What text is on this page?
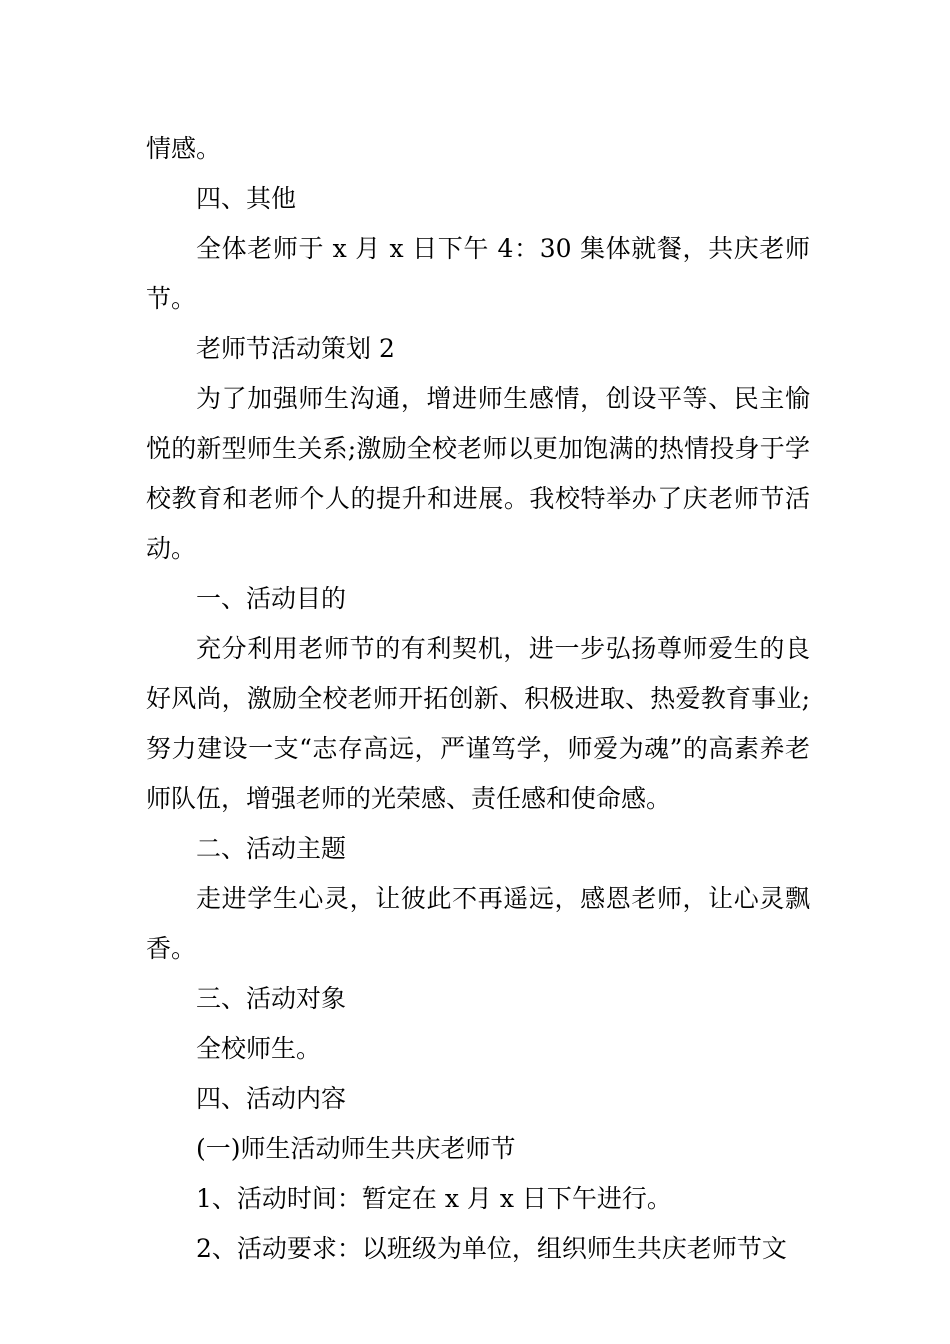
情感。

四、其他

全体老师于 x 月 x 日下午 4：30 集体就餐，共庆老师节。

老师节活动策划 2

为了加强师生沟通，增进师生感情，创设平等、民主愉悦的新型师生关系;激励全校老师以更加饱满的热情投身于学校教育和老师个人的提升和进展。我校特举办了庆老师节活动。

一、活动目的

充分利用老师节的有利契机，进一步弘扬尊师爱生的良好风尚，激励全校老师开拓创新、积极进取、热爱教育事业;努力建设一支“志存高远，严谨笃学，师爱为魂”的高素养老师队伍，增强老师的光荣感、责任感和使命感。

二、活动主题

走进学生心灵，让彼此不再遥远，感恩老师，让心灵飘香。

三、活动对象

全校师生。

四、活动内容

(一)师生活动师生共庆老师节

1、活动时间：暂定在 x 月 x 日下午进行。

2、活动要求：以班级为单位，组织师生共庆老师节文
